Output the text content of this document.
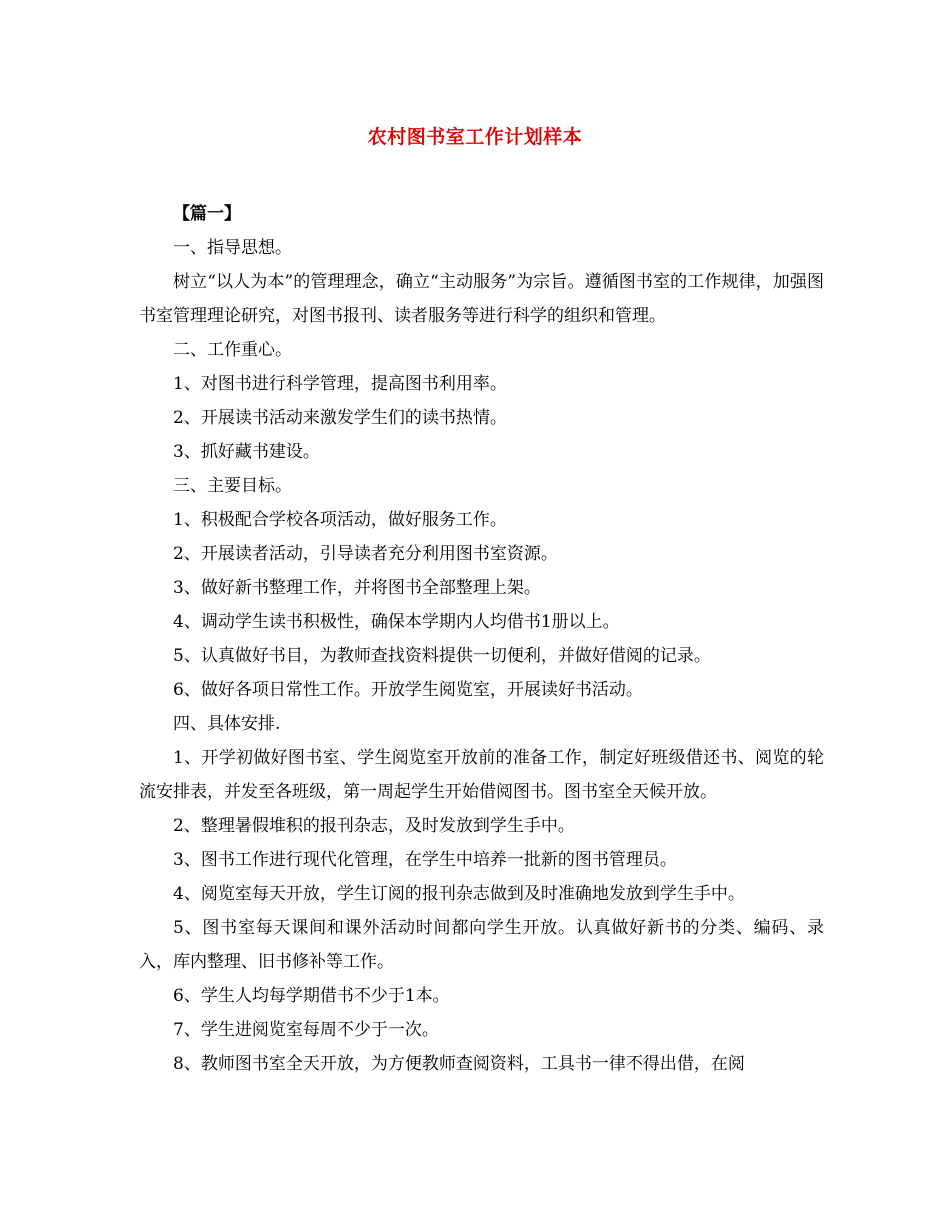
农村图书室工作计划样本

【篇一】

一、指导思想。

树立“以人为本”的管理理念，确立“主动服务”为宗旨。遵循图书室的工作规律，加强图书室管理理论研究，对图书报刊、读者服务等进行科学的组织和管理。

二、工作重心。

1、对图书进行科学管理，提高图书利用率。

2、开展读书活动来激发学生们的读书热情。

3、抓好藏书建设。

三、主要目标。

1、积极配合学校各项活动，做好服务工作。

2、开展读者活动，引导读者充分利用图书室资源。

3、做好新书整理工作，并将图书全部整理上架。

4、调动学生读书积极性，确保本学期内人均借书1册以上。

5、认真做好书目，为教师查找资料提供一切便利，并做好借阅的记录。

6、做好各项日常性工作。开放学生阅览室，开展读好书活动。

四、具体安排.

1、开学初做好图书室、学生阅览室开放前的准备工作，制定好班级借还书、阅览的轮流安排表，并发至各班级，第一周起学生开始借阅图书。图书室全天候开放。

2、整理暑假堆积的报刊杂志，及时发放到学生手中。

3、图书工作进行现代化管理，在学生中培养一批新的图书管理员。

4、阅览室每天开放，学生订阅的报刊杂志做到及时准确地发放到学生手中。

5、图书室每天课间和课外活动时间都向学生开放。认真做好新书的分类、编码、录入，库内整理、旧书修补等工作。

6、学生人均每学期借书不少于1本。

7、学生进阅览室每周不少于一次。

8、教师图书室全天开放，为方便教师查阅资料，工具书一律不得出借，在阅
